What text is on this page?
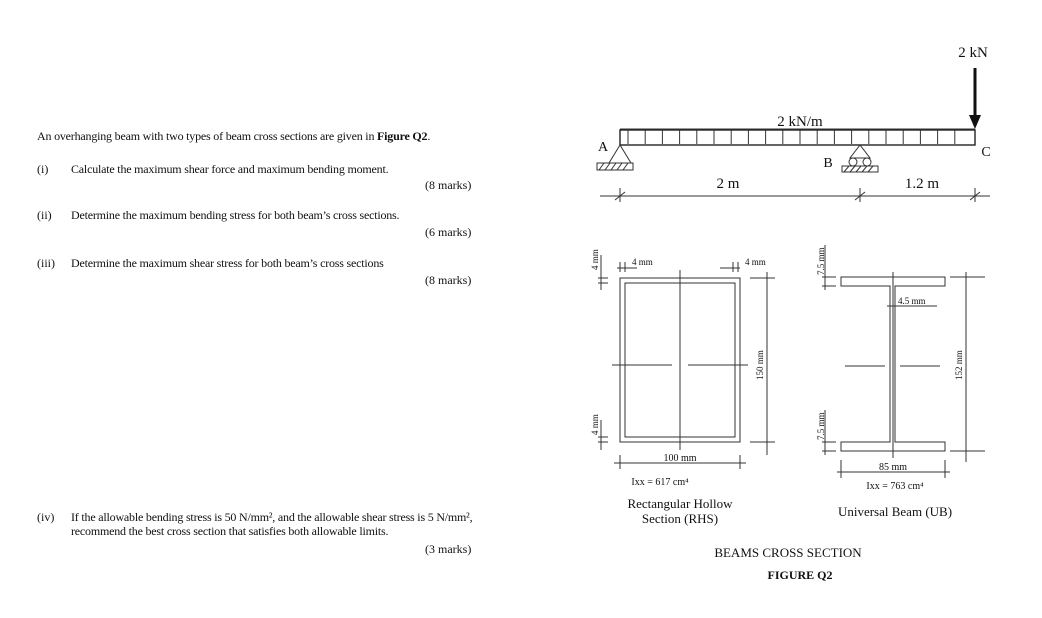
An overhanging beam with two types of beam cross sections are given in Figure Q2.
(i) Calculate the maximum shear force and maximum bending moment.
(8 marks)
(ii) Determine the maximum bending stress for both beam’s cross sections.
(6 marks)
(iii) Determine the maximum shear stress for both beam’s cross sections
(8 marks)
(iv) If the allowable bending stress is 50 N/mm², and the allowable shear stress is 5 N/mm²,
recommend the best cross section that satisfies both allowable limits.
(3 marks)
2 kN
2 kN/m
A
B
C
2 m	1.2 m
4 mm	4 mm
4 mm
4 mm
150 mm
100 mm
Ixx = 617 cm⁴
Rectangular Hollow
Section (RHS)
4.5 mm
7.5 mm
7.5 mm
152 mm
85 mm
Ixx = 763 cm⁴
Universal Beam (UB)
BEAMS CROSS SECTION
FIGURE Q2
